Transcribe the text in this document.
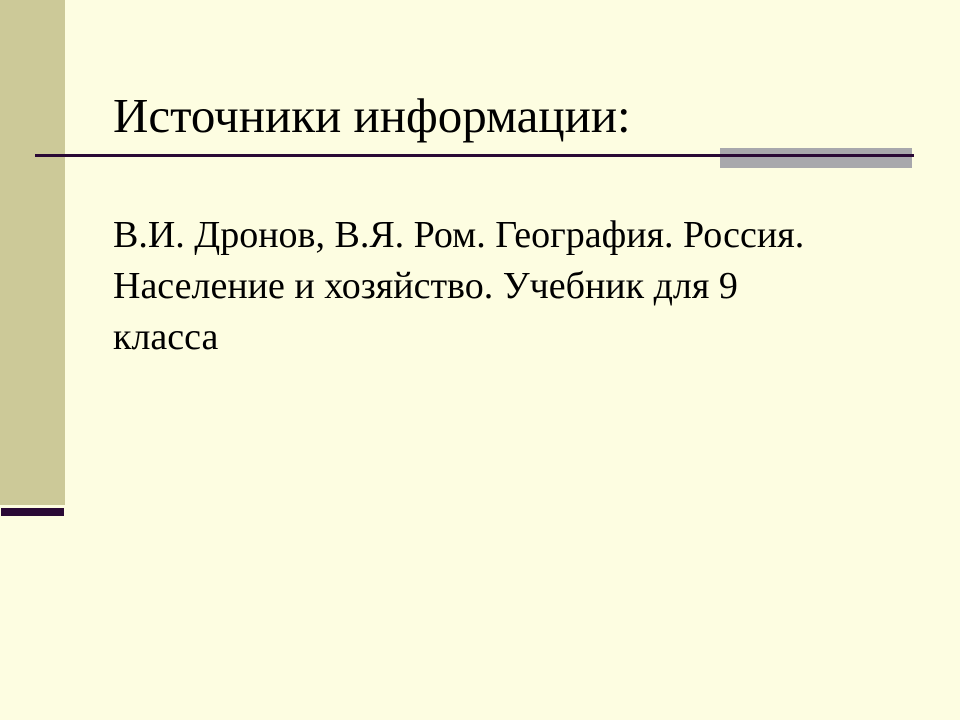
Источники информации:
В.И. Дронов, В.Я. Ром. География. Россия.
Население и хозяйство. Учебник для 9
класса
